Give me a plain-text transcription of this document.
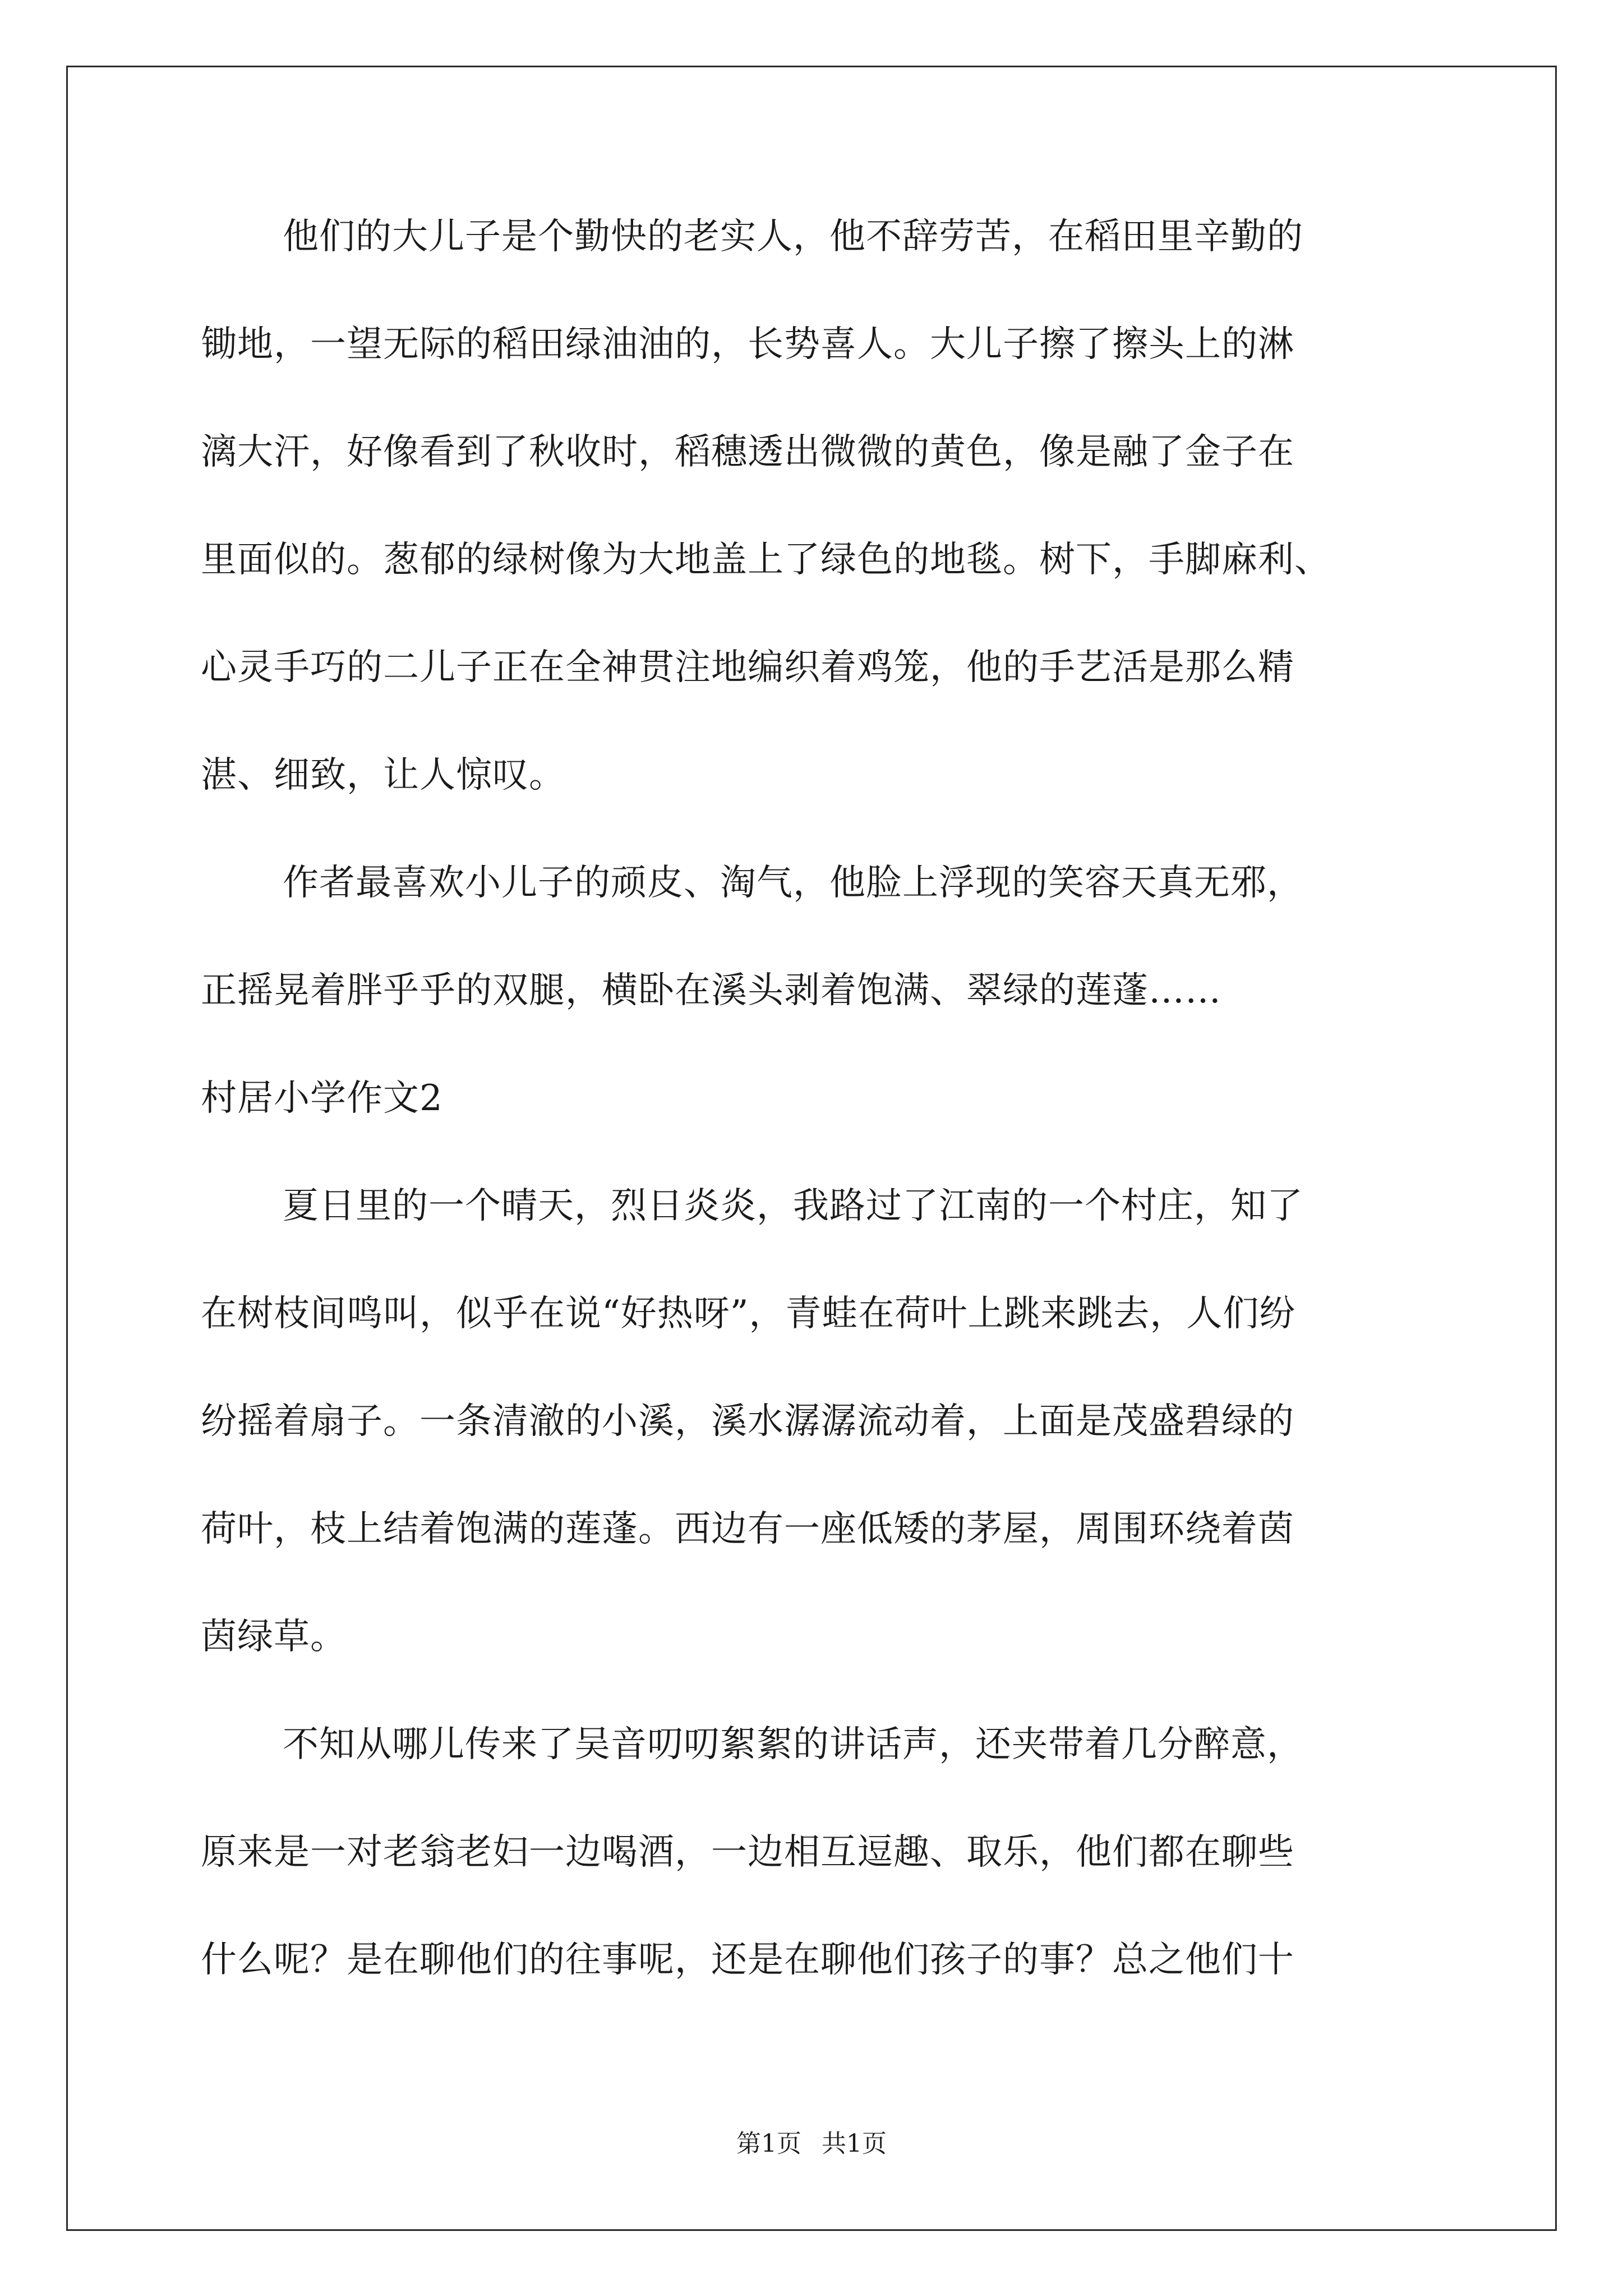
他们的大儿子是个勤快的老实人，他不辞劳苦，在稻田里辛勤的
锄地，一望无际的稻田绿油油的，长势喜人。大儿子擦了擦头上的淋
漓大汗，好像看到了秋收时，稻穗透出微微的黄色，像是融了金子在
里面似的。葱郁的绿树像为大地盖上了绿色的地毯。树下，手脚麻利、
心灵手巧的二儿子正在全神贯注地编织着鸡笼，他的手艺活是那么精
湛、细致，让人惊叹。
作者最喜欢小儿子的顽皮、淘气，他脸上浮现的笑容天真无邪，
正摇晃着胖乎乎的双腿，横卧在溪头剥着饱满、翠绿的莲蓬……
村居小学作文2
夏日里的一个晴天，烈日炎炎，我路过了江南的一个村庄，知了
在树枝间鸣叫，似乎在说“好热呀”，青蛙在荷叶上跳来跳去，人们纷
纷摇着扇子。一条清澈的小溪，溪水潺潺流动着，上面是茂盛碧绿的
荷叶，枝上结着饱满的莲蓬。西边有一座低矮的茅屋，周围环绕着茵
茵绿草。
不知从哪儿传来了吴音叨叨絮絮的讲话声，还夹带着几分醉意，
原来是一对老翁老妇一边喝酒，一边相互逗趣、取乐，他们都在聊些
什么呢？是在聊他们的往事呢，还是在聊他们孩子的事？总之他们十
第1页 共1页
